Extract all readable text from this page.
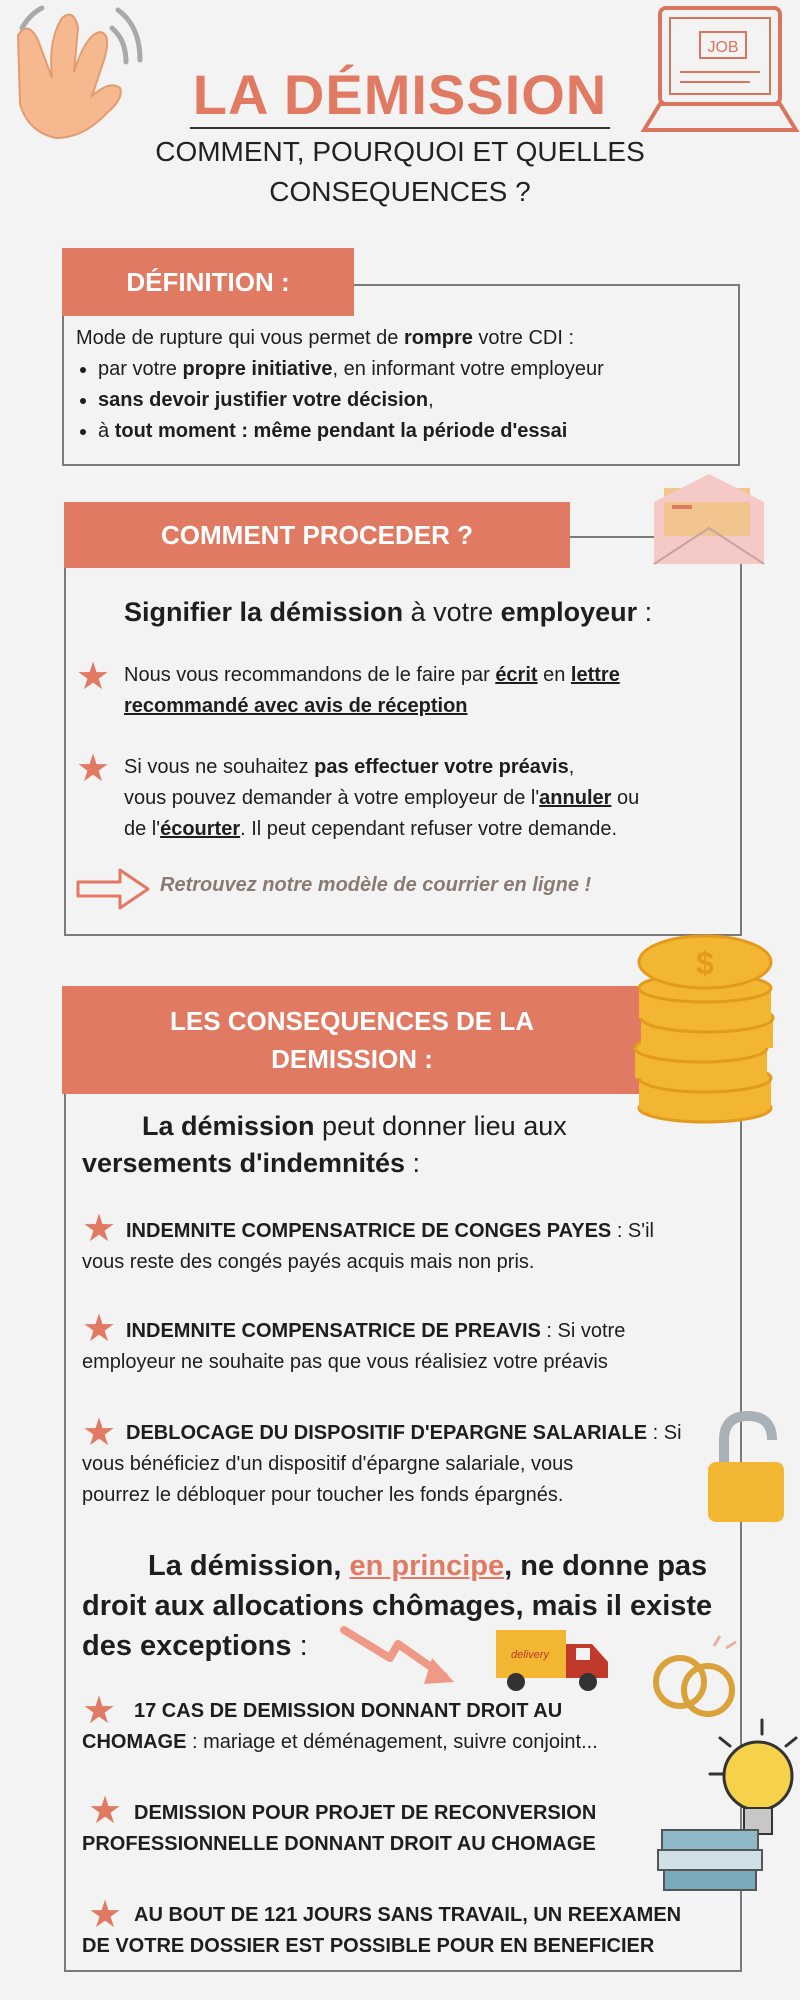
JOB
LA DÉMISSION
COMMENT, POURQUOI ET QUELLES
CONSEQUENCES ?
DÉFINITION :
Mode de rupture qui vous permet de rompre votre CDI :
• par votre propre initiative, en informant votre employeur
• sans devoir justifier votre décision,
• à tout moment : même pendant la période d'essai
COMMENT PROCEDER ?
Signifier la démission à votre employeur :
★ Nous vous recommandons de le faire par écrit en lettre
recommandé avec avis de réception
★ Si vous ne souhaitez pas effectuer votre préavis,
vous pouvez demander à votre employeur de l'annuler ou
de l'écourter. Il peut cependant refuser votre demande.
Retrouvez notre modèle de courrier en ligne !
LES CONSEQUENCES DE LA
DEMISSION :
$
La démission peut donner lieu aux
versements d'indemnités :
★ INDEMNITE COMPENSATRICE DE CONGES PAYES : S'il
vous reste des congés payés acquis mais non pris.
★ INDEMNITE COMPENSATRICE DE PREAVIS : Si votre
employeur ne souhaite pas que vous réalisiez votre préavis
★ DEBLOCAGE DU DISPOSITIF D'EPARGNE SALARIALE : Si
vous bénéficiez d'un dispositif d'épargne salariale, vous
pourrez le débloquer pour toucher les fonds épargnés.
La démission, en principe, ne donne pas
droit aux allocations chômages, mais il existe
des exceptions :	delivery
★ 17 CAS DE DEMISSION DONNANT DROIT AU
CHOMAGE : mariage et déménagement, suivre conjoint...
★ DEMISSION POUR PROJET DE RECONVERSION
PROFESSIONNELLE DONNANT DROIT AU CHOMAGE
★ AU BOUT DE 121 JOURS SANS TRAVAIL, UN REEXAMEN
DE VOTRE DOSSIER EST POSSIBLE POUR EN BENEFICIER
